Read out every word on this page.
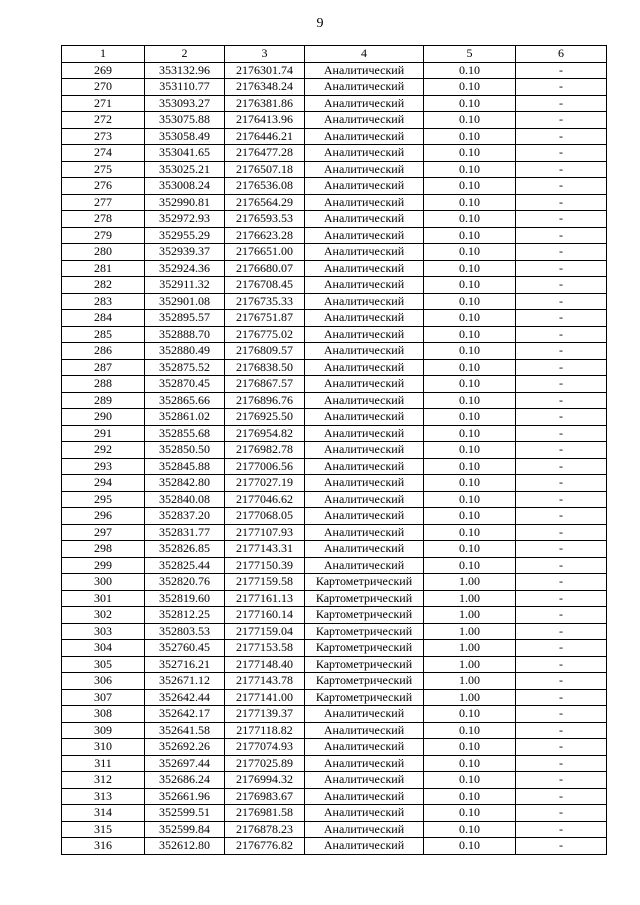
9
1	2	3	4	5	6
269	353132.96	2176301.74	Аналитический	0.10	-
270	353110.77	2176348.24	Аналитический	0.10	-
271	353093.27	2176381.86	Аналитический	0.10	-
272	353075.88	2176413.96	Аналитический	0.10	-
273	353058.49	2176446.21	Аналитический	0.10	-
274	353041.65	2176477.28	Аналитический	0.10	-
275	353025.21	2176507.18	Аналитический	0.10	-
276	353008.24	2176536.08	Аналитический	0.10	-
277	352990.81	2176564.29	Аналитический	0.10	-
278	352972.93	2176593.53	Аналитический	0.10	-
279	352955.29	2176623.28	Аналитический	0.10	-
280	352939.37	2176651.00	Аналитический	0.10	-
281	352924.36	2176680.07	Аналитический	0.10	-
282	352911.32	2176708.45	Аналитический	0.10	-
283	352901.08	2176735.33	Аналитический	0.10	-
284	352895.57	2176751.87	Аналитический	0.10	-
285	352888.70	2176775.02	Аналитический	0.10	-
286	352880.49	2176809.57	Аналитический	0.10	-
287	352875.52	2176838.50	Аналитический	0.10	-
288	352870.45	2176867.57	Аналитический	0.10	-
289	352865.66	2176896.76	Аналитический	0.10	-
290	352861.02	2176925.50	Аналитический	0.10	-
291	352855.68	2176954.82	Аналитический	0.10	-
292	352850.50	2176982.78	Аналитический	0.10	-
293	352845.88	2177006.56	Аналитический	0.10	-
294	352842.80	2177027.19	Аналитический	0.10	-
295	352840.08	2177046.62	Аналитический	0.10	-
296	352837.20	2177068.05	Аналитический	0.10	-
297	352831.77	2177107.93	Аналитический	0.10	-
298	352826.85	2177143.31	Аналитический	0.10	-
299	352825.44	2177150.39	Аналитический	0.10	-
300	352820.76	2177159.58	Картометрический	1.00	-
301	352819.60	2177161.13	Картометрический	1.00	-
302	352812.25	2177160.14	Картометрический	1.00	-
303	352803.53	2177159.04	Картометрический	1.00	-
304	352760.45	2177153.58	Картометрический	1.00	-
305	352716.21	2177148.40	Картометрический	1.00	-
306	352671.12	2177143.78	Картометрический	1.00	-
307	352642.44	2177141.00	Картометрический	1.00	-
308	352642.17	2177139.37	Аналитический	0.10	-
309	352641.58	2177118.82	Аналитический	0.10	-
310	352692.26	2177074.93	Аналитический	0.10	-
311	352697.44	2177025.89	Аналитический	0.10	-
312	352686.24	2176994.32	Аналитический	0.10	-
313	352661.96	2176983.67	Аналитический	0.10	-
314	352599.51	2176981.58	Аналитический	0.10	-
315	352599.84	2176878.23	Аналитический	0.10	-
316	352612.80	2176776.82	Аналитический	0.10	-
